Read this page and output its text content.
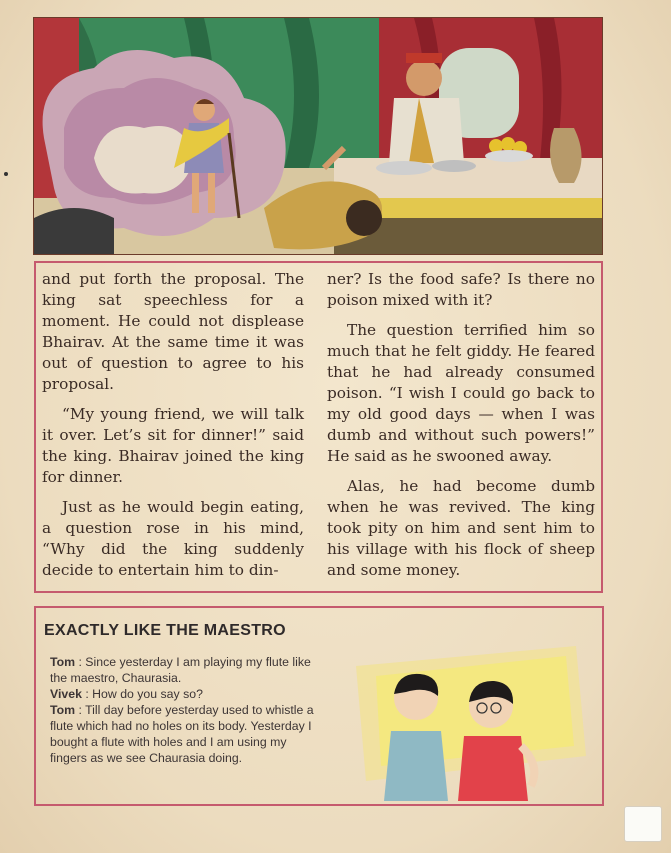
and put forth the proposal. The king sat speechless for a moment. He could not displease Bhairav. At the same time it was out of question to agree to his proposal.

“My young friend, we will talk it over. Let’s sit for dinner!” said the king. Bhairav joined the king for dinner.

Just as he would begin eating, a question rose in his mind, “Why did the king suddenly decide to entertain him to din-

ner? Is the food safe? Is there no poison mixed with it?

The question terrified him so much that he felt giddy. He feared that he had already consumed poison. “I wish I could go back to my old good days — when I was dumb and without such powers!” He said as he swooned away.

Alas, he had become dumb when he was revived. The king took pity on him and sent him to his village with his flock of sheep and some money.

EXACTLY LIKE THE MAESTRO

Tom : Since yesterday I am playing my flute like the maestro, Chaurasia.

Vivek : How do you say so?

Tom : Till day before yesterday used to whistle a flute which had no holes on its body. Yesterday I bought a flute with holes and I am using my fingers as we see Chaurasia doing.
